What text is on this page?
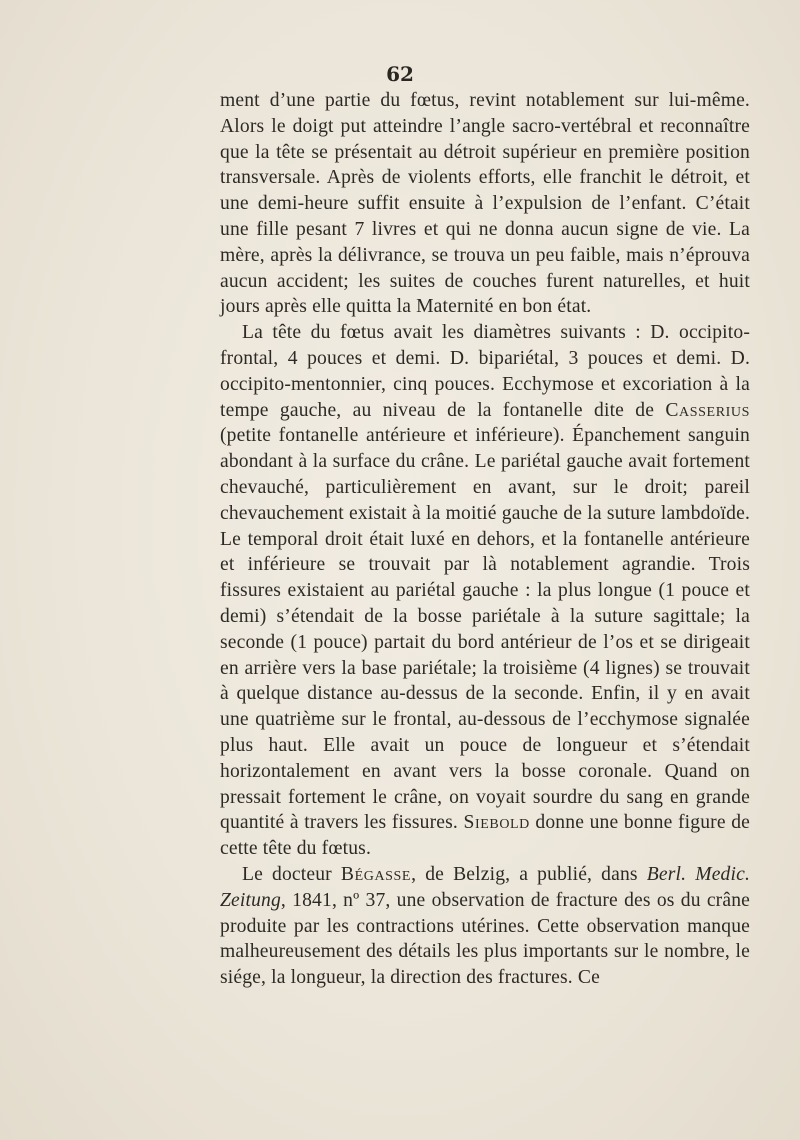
62

ment d’une partie du fœtus, revint notablement sur lui-même. Alors le doigt put atteindre l’angle sacro-vertébral et reconnaître que la tête se présentait au détroit supérieur en première position transversale. Après de violents efforts, elle franchit le détroit, et une demi-heure suffit ensuite à l’expulsion de l’enfant. C’était une fille pesant 7 livres et qui ne donna aucun signe de vie. La mère, après la délivrance, se trouva un peu faible, mais n’éprouva aucun accident; les suites de couches furent naturelles, et huit jours après elle quitta la Maternité en bon état.

La tête du fœtus avait les diamètres suivants : D. occipito-frontal, 4 pouces et demi. D. bipariétal, 3 pouces et demi. D. occipito-mentonnier, cinq pouces. Ecchymose et excoriation à la tempe gauche, au niveau de la fontanelle dite de Casserius (petite fontanelle antérieure et inférieure). Épanchement sanguin abondant à la surface du crâne. Le pariétal gauche avait fortement chevauché, particulièrement en avant, sur le droit; pareil chevauchement existait à la moitié gauche de la suture lambdoïde. Le temporal droit était luxé en dehors, et la fontanelle antérieure et inférieure se trouvait par là notablement agrandie. Trois fissures existaient au pariétal gauche : la plus longue (1 pouce et demi) s’étendait de la bosse pariétale à la suture sagittale; la seconde (1 pouce) partait du bord antérieur de l’os et se dirigeait en arrière vers la base pariétale; la troisième (4 lignes) se trouvait à quelque distance au-dessus de la seconde. Enfin, il y en avait une quatrième sur le frontal, au-dessous de l’ecchymose signalée plus haut. Elle avait un pouce de longueur et s’étendait horizontalement en avant vers la bosse coronale. Quand on pressait fortement le crâne, on voyait sourdre du sang en grande quantité à travers les fissures. Siebold donne une bonne figure de cette tête du fœtus.

Le docteur Bégasse, de Belzig, a publié, dans Berl. Medic. Zeitung, 1841, nº 37, une observation de fracture des os du crâne produite par les contractions utérines. Cette observation manque malheureusement des détails les plus importants sur le nombre, le siége, la longueur, la direction des fractures. Ce
